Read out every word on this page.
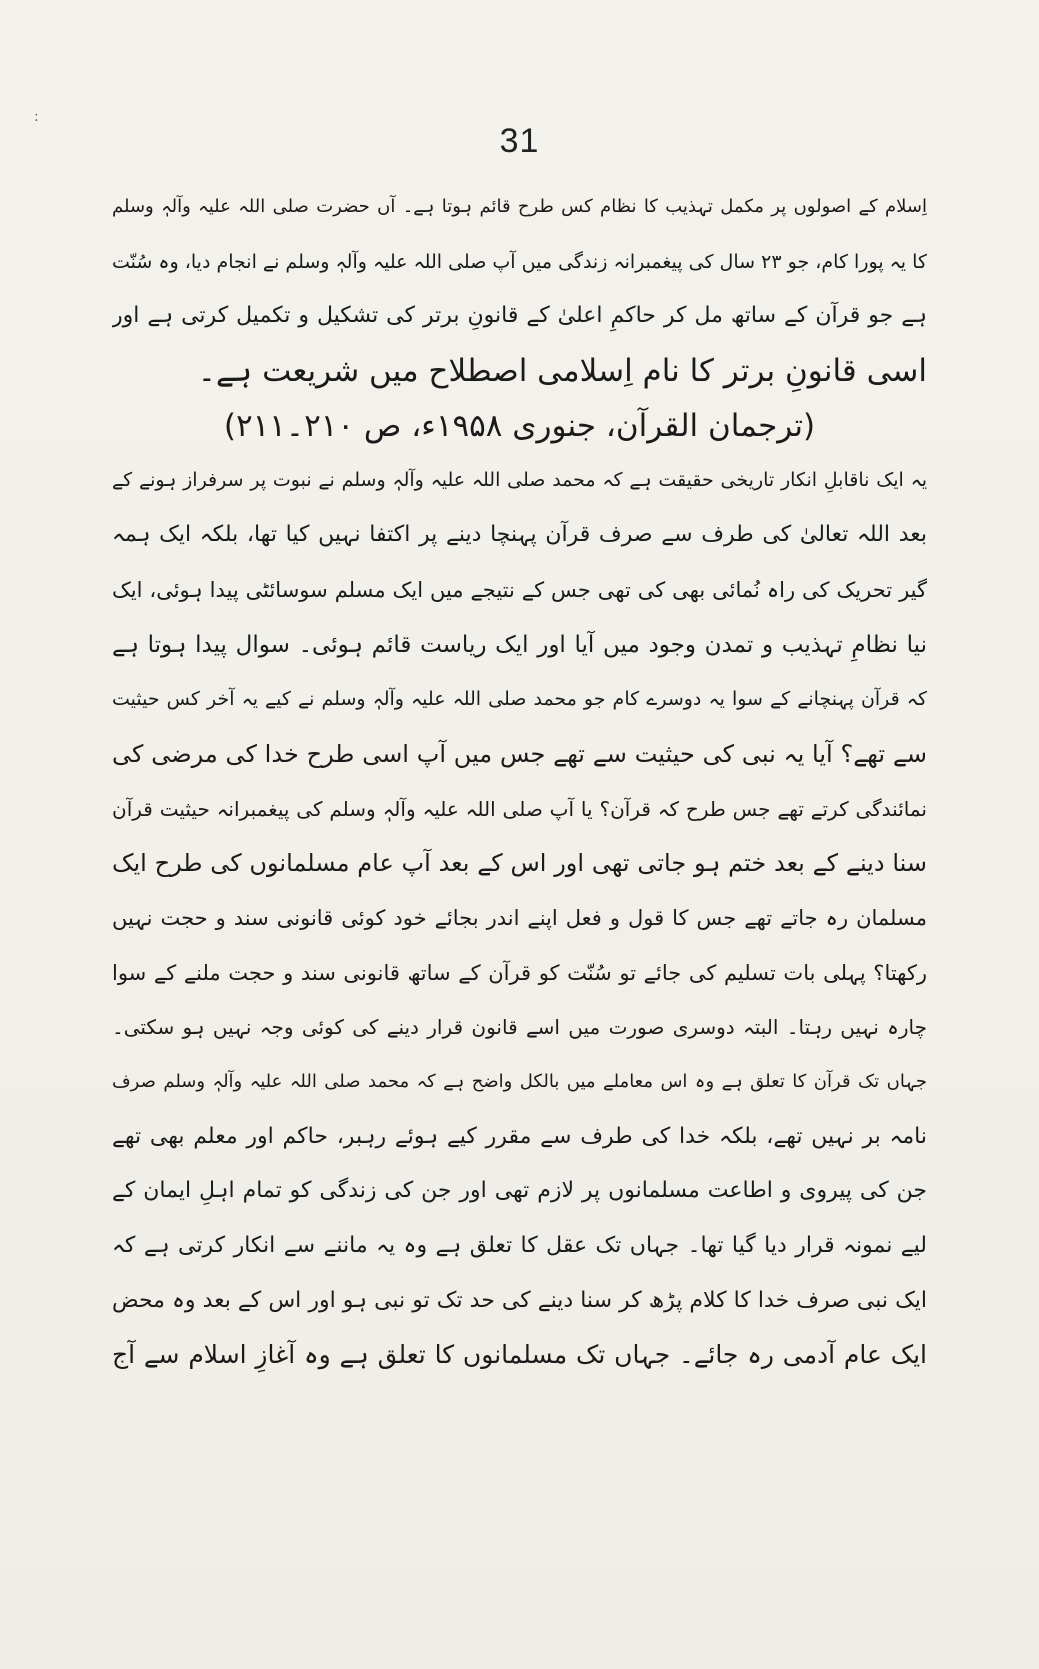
:
31
اِسلام کے اصولوں پر مکمل تہذیب کا نظام کس طرح قائم ہوتا ہے۔ آں حضرت صلی اللہ علیہ وآلہٖ وسلم
کا یہ پورا کام، جو ۲۳ سال کی پیغمبرانہ زندگی میں آپ صلی اللہ علیہ وآلہٖ وسلم نے انجام دیا، وہ سُنّت
ہے جو قرآن کے ساتھ مل کر حاکمِ اعلیٰ کے قانونِ برتر کی تشکیل و تکمیل کرتی ہے اور
اسی قانونِ برتر کا نام اِسلامی اصطلاح میں شریعت ہے۔
(ترجمان القرآن، جنوری ۱۹۵۸ء، ص ۲۱۰۔۲۱۱)
یہ ایک ناقابلِ انکار تاریخی حقیقت ہے کہ محمد صلی اللہ علیہ وآلہٖ وسلم نے نبوت پر سرفراز ہونے کے
بعد اللہ تعالیٰ کی طرف سے صرف قرآن پہنچا دینے پر اکتفا نہیں کیا تھا، بلکہ ایک ہمہ
گیر تحریک کی راہ نُمائی بھی کی تھی جس کے نتیجے میں ایک مسلم سوسائٹی پیدا ہوئی، ایک
نیا نظامِ تہذیب و تمدن وجود میں آیا اور ایک ریاست قائم ہوئی۔ سوال پیدا ہوتا ہے
کہ قرآن پہنچانے کے سوا یہ دوسرے کام جو محمد صلی اللہ علیہ وآلہٖ وسلم نے کیے یہ آخر کس حیثیت
سے تھے؟ آیا یہ نبی کی حیثیت سے تھے جس میں آپ اسی طرح خدا کی مرضی کی
نمائندگی کرتے تھے جس طرح کہ قرآن؟ یا آپ صلی اللہ علیہ وآلہٖ وسلم کی پیغمبرانہ حیثیت قرآن
سنا دینے کے بعد ختم ہو جاتی تھی اور اس کے بعد آپ عام مسلمانوں کی طرح ایک
مسلمان رہ جاتے تھے جس کا قول و فعل اپنے اندر بجائے خود کوئی قانونی سند و حجت نہیں
رکھتا؟ پہلی بات تسلیم کی جائے تو سُنّت کو قرآن کے ساتھ قانونی سند و حجت ملنے کے سوا
چارہ نہیں رہتا۔ البتہ دوسری صورت میں اسے قانون قرار دینے کی کوئی وجہ نہیں ہو سکتی۔
جہاں تک قرآن کا تعلق ہے وہ اس معاملے میں بالکل واضح ہے کہ محمد صلی اللہ علیہ وآلہٖ وسلم صرف
نامہ بر نہیں تھے، بلکہ خدا کی طرف سے مقرر کیے ہوئے رہبر، حاکم اور معلم بھی تھے
جن کی پیروی و اطاعت مسلمانوں پر لازم تھی اور جن کی زندگی کو تمام اہلِ ایمان کے
لیے نمونہ قرار دیا گیا تھا۔ جہاں تک عقل کا تعلق ہے وہ یہ ماننے سے انکار کرتی ہے کہ
ایک نبی صرف خدا کا کلام پڑھ کر سنا دینے کی حد تک تو نبی ہو اور اس کے بعد وہ محض
ایک عام آدمی رہ جائے۔ جہاں تک مسلمانوں کا تعلق ہے وہ آغازِ اسلام سے آج
